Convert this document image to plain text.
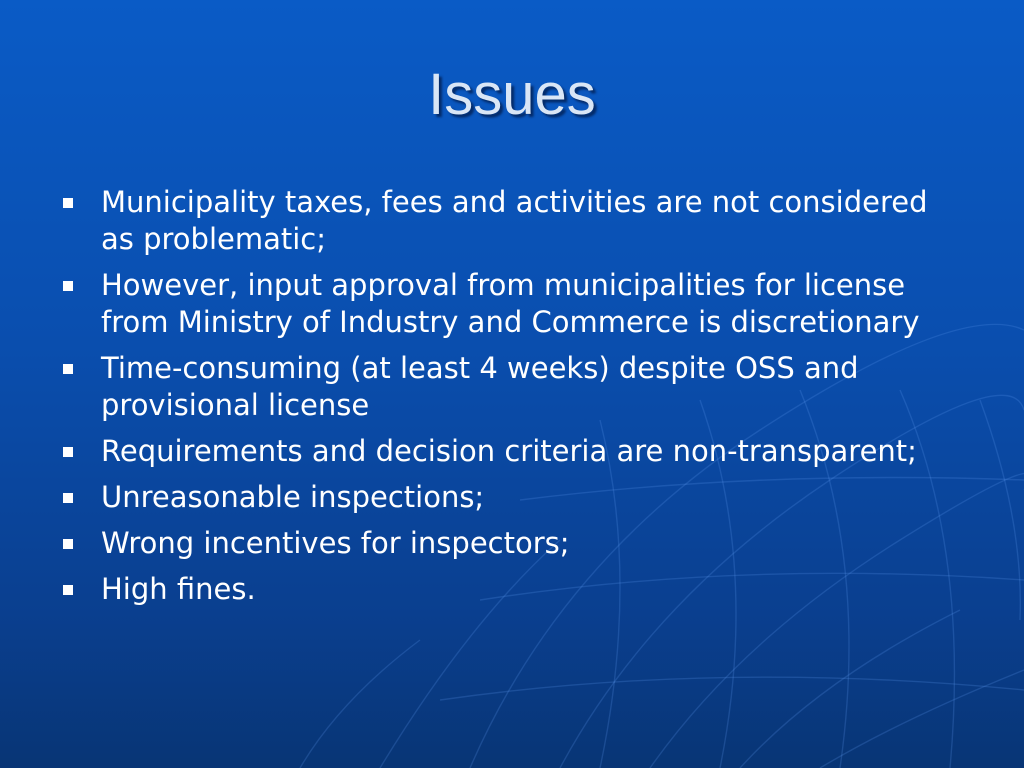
Issues
Municipality taxes, fees and activities are not considered as problematic;
However, input approval from municipalities for license from Ministry of Industry and Commerce is discretionary
Time-consuming (at least 4 weeks) despite OSS and provisional license
Requirements and decision criteria are non-transparent;
Unreasonable inspections;
Wrong incentives for inspectors;
High fines.
